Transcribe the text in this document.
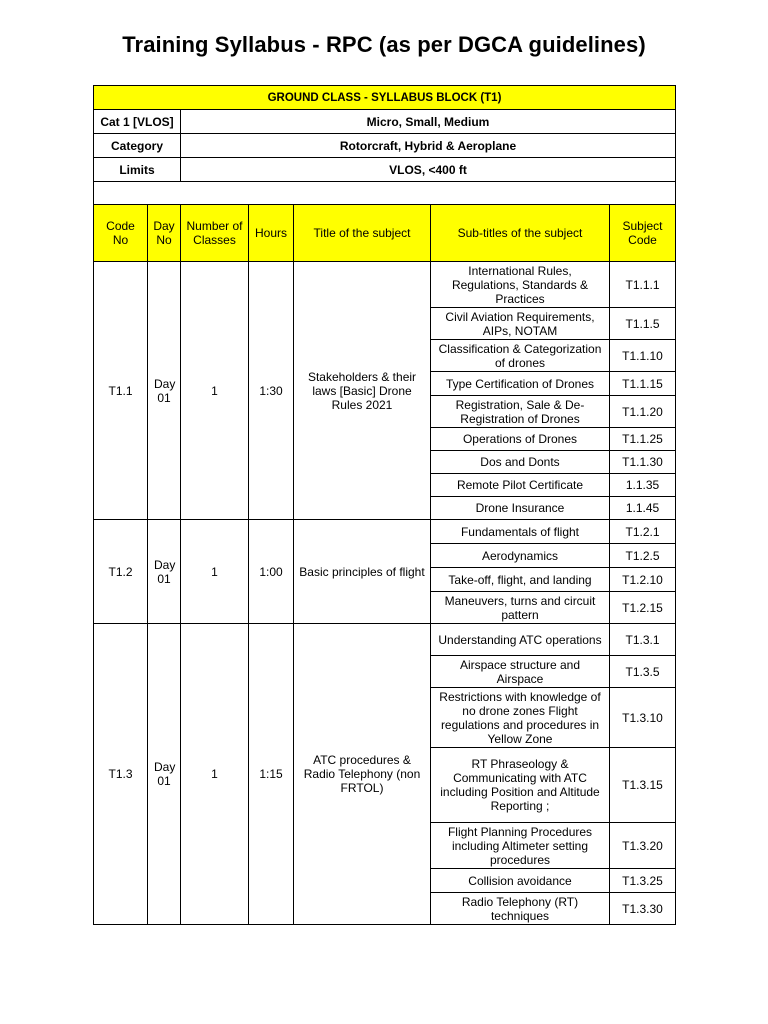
Training Syllabus - RPC (as per DGCA guidelines)
GROUND CLASS - SYLLABUS BLOCK (T1)						
Cat 1 [VLOS]		Micro, Small, Medium				
Category		Rotorcraft, Hybrid & Aeroplane				
Limits		VLOS, <400 ft				

Code No	Day No	Number of Classes	Hours	Title of the subject	Sub-titles of the subject	Subject Code
T1.1	Day 01	1	1:30	Stakeholders & their laws [Basic] Drone Rules 2021	International Rules, Regulations, Standards & Practices	T1.1.1
					Civil Aviation Requirements, AIPs, NOTAM	T1.1.5
					Classification & Categorization of drones	T1.1.10
					Type Certification of Drones	T1.1.15
					Registration, Sale & De-Registration of Drones	T1.1.20
					Operations of Drones	T1.1.25
					Dos and Donts	T1.1.30
					Remote Pilot Certificate	1.1.35
					Drone Insurance	1.1.45
T1.2	Day 01	1	1:00	Basic principles of flight	Fundamentals of flight	T1.2.1
					Aerodynamics	T1.2.5
					Take-off, flight, and landing	T1.2.10
					Maneuvers, turns and circuit pattern	T1.2.15
T1.3	Day 01	1	1:15	ATC procedures & Radio Telephony (non FRTOL)	Understanding ATC operations	T1.3.1
					Airspace structure and Airspace	T1.3.5
					Restrictions with knowledge of no drone zones Flight regulations and procedures in Yellow Zone	T1.3.10
					RT Phraseology & Communicating with ATC including Position and Altitude Reporting ;	T1.3.15
					Flight Planning Procedures including Altimeter setting procedures	T1.3.20
					Collision avoidance	T1.3.25
					Radio Telephony (RT) techniques	T1.3.30
